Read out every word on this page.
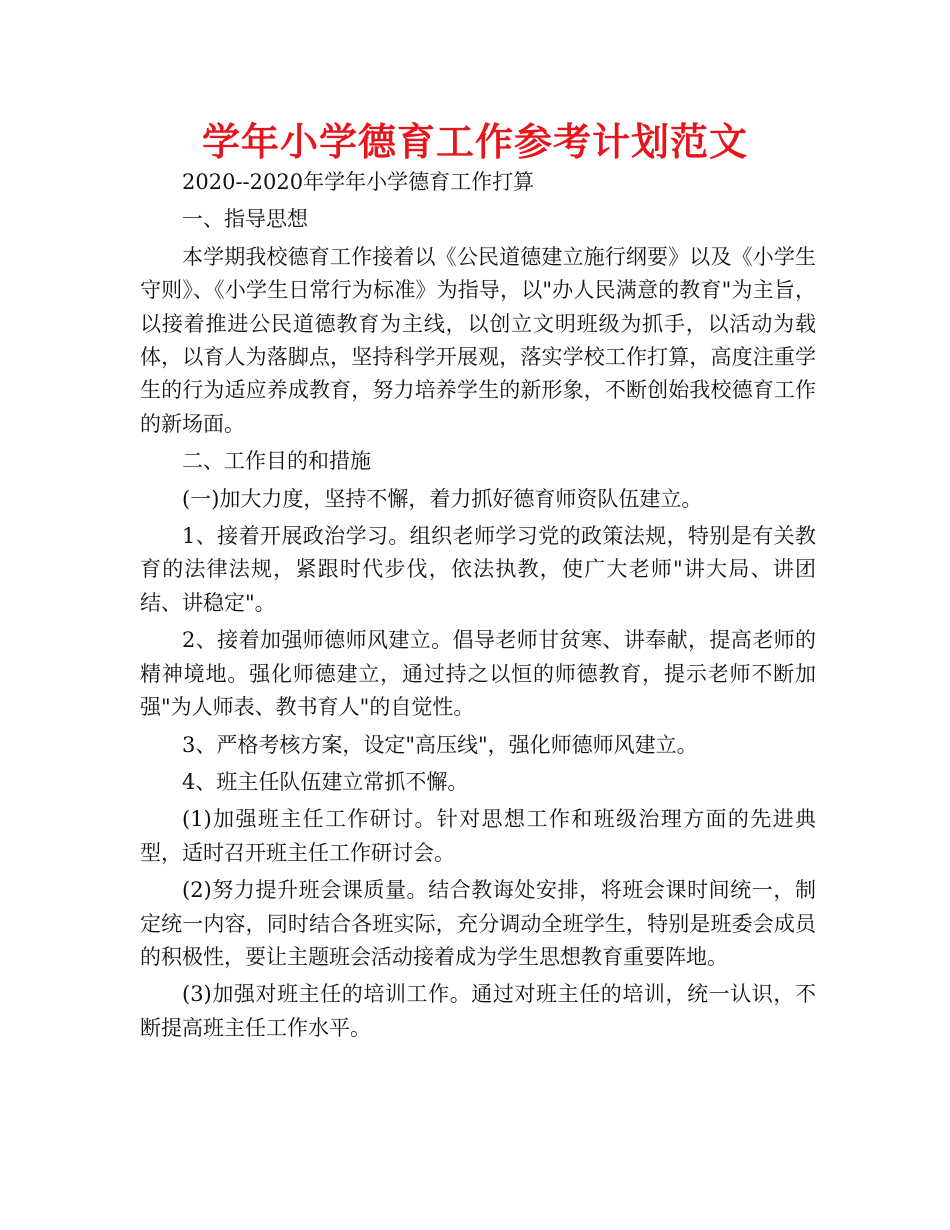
学年小学德育工作参考计划范文

2020--2020年学年小学德育工作打算

一、指导思想

本学期我校德育工作接着以《公民道德建立施行纲要》以及《小学生守则》、《小学生日常行为标准》为指导，以"办人民满意的教育"为主旨，以接着推进公民道德教育为主线，以创立文明班级为抓手，以活动为载体，以育人为落脚点，坚持科学开展观，落实学校工作打算，高度注重学生的行为适应养成教育，努力培养学生的新形象，不断创始我校德育工作的新场面。

二、工作目的和措施

(一)加大力度，坚持不懈，着力抓好德育师资队伍建立。

1、接着开展政治学习。组织老师学习党的政策法规，特别是有关教育的法律法规，紧跟时代步伐，依法执教，使广大老师"讲大局、讲团结、讲稳定"。

2、接着加强师德师风建立。倡导老师甘贫寒、讲奉献，提高老师的精神境地。强化师德建立，通过持之以恒的师德教育，提示老师不断加强"为人师表、教书育人"的自觉性。

3、严格考核方案，设定"高压线"，强化师德师风建立。

4、班主任队伍建立常抓不懈。

(1)加强班主任工作研讨。针对思想工作和班级治理方面的先进典型，适时召开班主任工作研讨会。

(2)努力提升班会课质量。结合教诲处安排，将班会课时间统一，制定统一内容，同时结合各班实际，充分调动全班学生，特别是班委会成员的积极性，要让主题班会活动接着成为学生思想教育重要阵地。

(3)加强对班主任的培训工作。通过对班主任的培训，统一认识，不断提高班主任工作水平。
